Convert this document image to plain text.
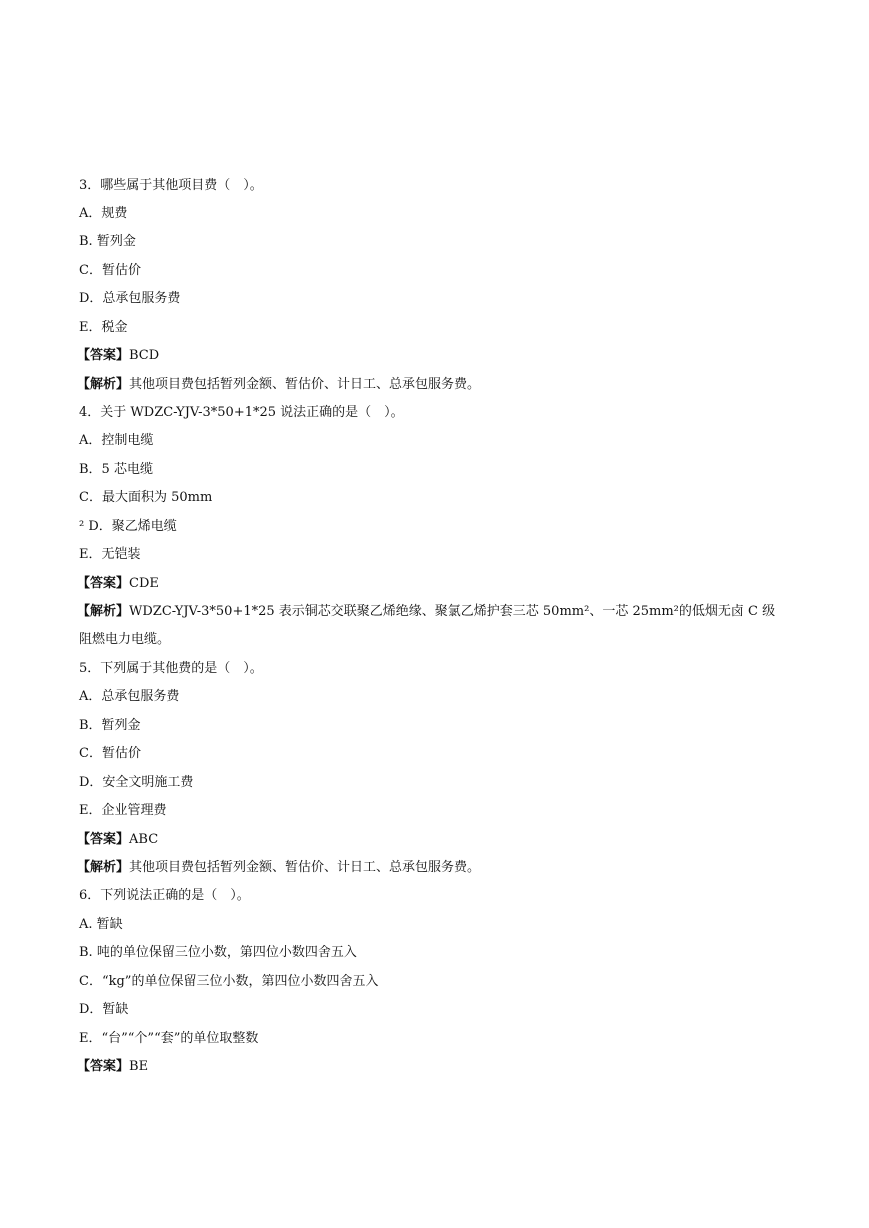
3．哪些属于其他项目费（　）。
A．规费
B. 暂列金
C．暂估价
D．总承包服务费
E．税金
【答案】BCD
【解析】其他项目费包括暂列金额、暂估价、计日工、总承包服务费。
4．关于 WDZC-YJV-3*50+1*25 说法正确的是（　）。
A．控制电缆
B．5 芯电缆
C．最大面积为 50mm
² D．聚乙烯电缆
E．无铠装
【答案】CDE
【解析】WDZC-YJV-3*50+1*25 表示铜芯交联聚乙烯绝缘、聚氯乙烯护套三芯 50mm²、一芯 25mm²的低烟无卤 C 级
阻燃电力电缆。
5．下列属于其他费的是（　）。
A．总承包服务费
B．暂列金
C．暂估价
D．安全文明施工费
E．企业管理费
【答案】ABC
【解析】其他项目费包括暂列金额、暂估价、计日工、总承包服务费。
6．下列说法正确的是（　）。
A. 暂缺
B. 吨的单位保留三位小数，第四位小数四舍五入
C．“kg”的单位保留三位小数，第四位小数四舍五入
D．暂缺
E．“台”“个”“套”的单位取整数
【答案】BE
